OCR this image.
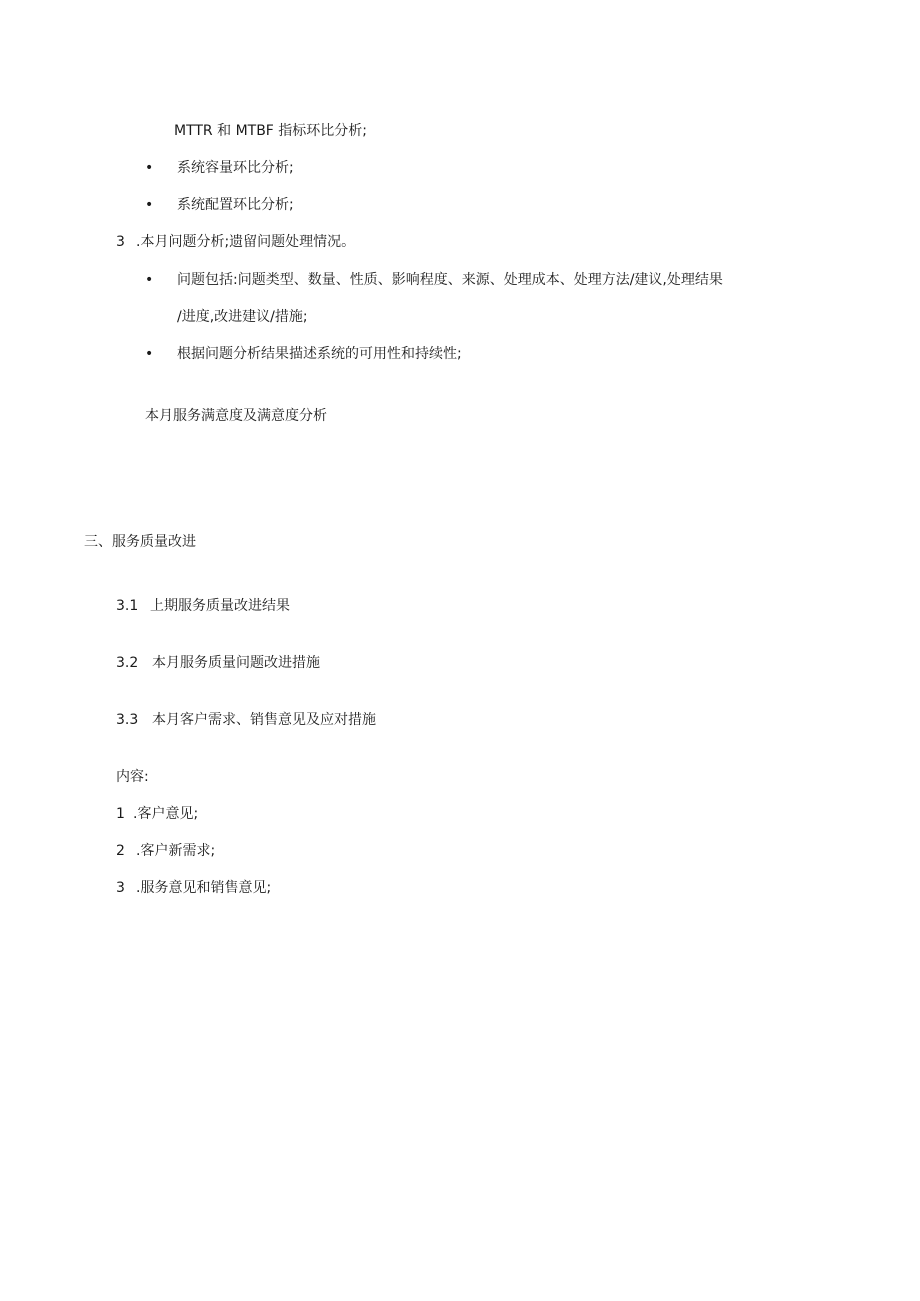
MTTR 和 MTBF 指标环比分析;
• 系统容量环比分析;
• 系统配置环比分析;
3 .本月问题分析;遗留问题处理情况。
• 问题包括:问题类型、数量、性质、影响程度、来源、处理成本、处理方法/建议,处理结果
/进度,改进建议/措施;
• 根据问题分析结果描述系统的可用性和持续性;
本月服务满意度及满意度分析
三、服务质量改进
3.1 上期服务质量改进结果
3.2 本月服务质量问题改进措施
3.3 本月客户需求、销售意见及应对措施
内容:
1 .客户意见;
2 .客户新需求;
3 .服务意见和销售意见;
